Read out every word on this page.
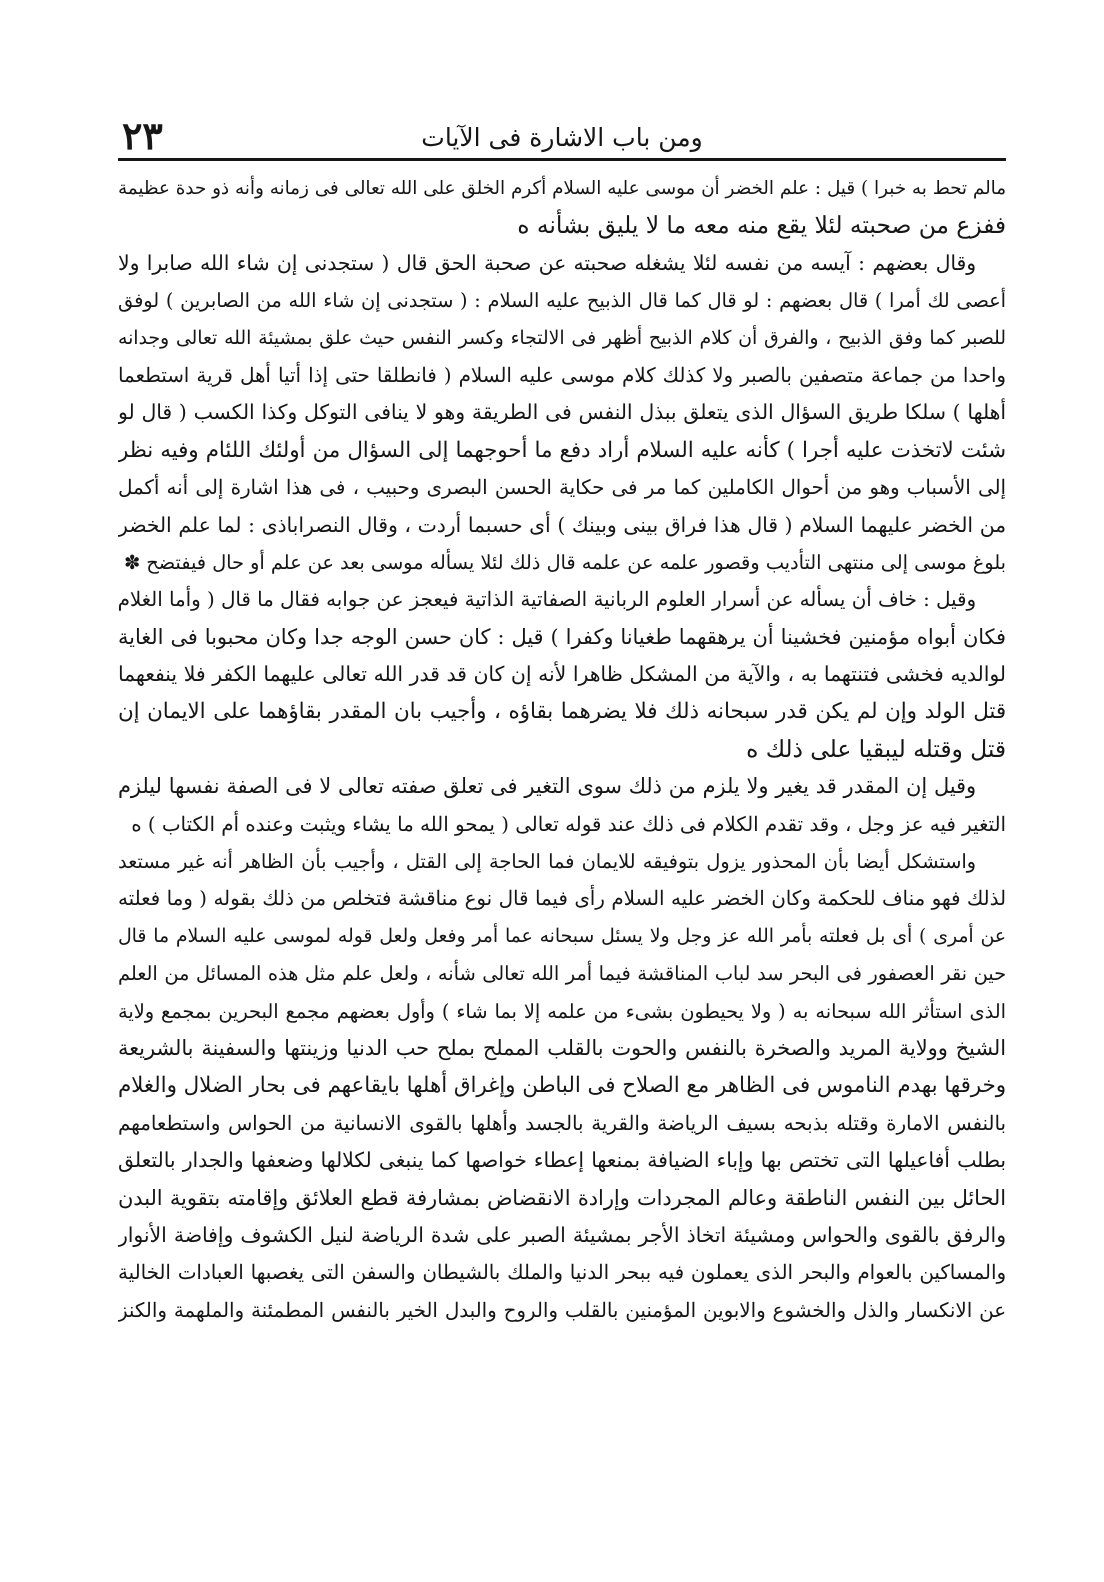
٢٣	ومن باب الاشارة فى الآيات
مالم تحط به خبرا ) قيل : علم الخضر أن موسى عليه السلام أكرم الخلق على الله تعالى فى زمانه وأنه ذو حدة عظيمة
ففزع من صحبته لئلا يقع منه معه ما لا يليق بشأنه ه
وقال بعضهم : آيسه من نفسه لئلا يشغله صحبته عن صحبة الحق قال ( ستجدنى إن شاء الله صابرا ولا
أعصى لك أمرا ) قال بعضهم : لو قال كما قال الذبيح عليه السلام : ( ستجدنى إن شاء الله من الصابرين ) لوفق
للصبر كما وفق الذبيح ، والفرق أن كلام الذبيح أظهر فى الالتجاء وكسر النفس حيث علق بمشيئة الله تعالى وجدانه
واحدا من جماعة متصفين بالصبر ولا كذلك كلام موسى عليه السلام ( فانطلقا حتى إذا أتيا أهل قرية استطعما
أهلها ) سلكا طريق السؤال الذى يتعلق ببذل النفس فى الطريقة وهو لا ينافى التوكل وكذا الكسب ( قال لو
شئت لاتخذت عليه أجرا ) كأنه عليه السلام أراد دفع ما أحوجهما إلى السؤال من أولئك اللئام وفيه نظر
إلى الأسباب وهو من أحوال الكاملين كما مر فى حكاية الحسن البصرى وحبيب ، فى هذا اشارة إلى أنه أكمل
من الخضر عليهما السلام ( قال هذا فراق بينى وبينك ) أى حسبما أردت ، وقال النصراباذى : لما علم الخضر
بلوغ موسى إلى منتهى التأديب وقصور علمه عن علمه قال ذلك لئلا يسأله موسى بعد عن علم أو حال فيفتضح ✽
وقيل : خاف أن يسأله عن أسرار العلوم الربانية الصفاتية الذاتية فيعجز عن جوابه فقال ما قال ( وأما الغلام
فكان أبواه مؤمنين فخشينا أن يرهقهما طغيانا وكفرا ) قيل : كان حسن الوجه جدا وكان محبوبا فى الغاية
لوالديه فخشى فتنتهما به ، والآية من المشكل ظاهرا لأنه إن كان قد قدر الله تعالى عليهما الكفر فلا ينفعهما
قتل الولد وإن لم يكن قدر سبحانه ذلك فلا يضرهما بقاؤه ، وأجيب بان المقدر بقاؤهما على الايمان إن
قتل وقتله ليبقيا على ذلك ه
وقيل إن المقدر قد يغير ولا يلزم من ذلك سوى التغير فى تعلق صفته تعالى لا فى الصفة نفسها ليلزم
التغير فيه عز وجل ، وقد تقدم الكلام فى ذلك عند قوله تعالى ( يمحو الله ما يشاء ويثبت وعنده أم الكتاب ) ه
واستشكل أيضا بأن المحذور يزول بتوفيقه للايمان فما الحاجة إلى القتل ، وأجيب بأن الظاهر أنه غير مستعد
لذلك فهو مناف للحكمة وكان الخضر عليه السلام رأى فيما قال نوع مناقشة فتخلص من ذلك بقوله ( وما فعلته
عن أمرى ) أى بل فعلته بأمر الله عز وجل ولا يسئل سبحانه عما أمر وفعل ولعل قوله لموسى عليه السلام ما قال
حين نقر العصفور فى البحر سد لباب المناقشة فيما أمر الله تعالى شأنه ، ولعل علم مثل هذه المسائل من العلم
الذى استأثر الله سبحانه به ( ولا يحيطون بشىء من علمه إلا بما شاء ) وأول بعضهم مجمع البحرين بمجمع ولاية
الشيخ وولاية المريد والصخرة بالنفس والحوت بالقلب المملح بملح حب الدنيا وزينتها والسفينة بالشريعة
وخرقها بهدم الناموس فى الظاهر مع الصلاح فى الباطن وإغراق أهلها بايقاعهم فى بحار الضلال والغلام
بالنفس الامارة وقتله بذبحه بسيف الرياضة والقرية بالجسد وأهلها بالقوى الانسانية من الحواس واستطعامهم
بطلب أفاعيلها التى تختص بها وإباء الضيافة بمنعها إعطاء خواصها كما ينبغى لكلالها وضعفها والجدار بالتعلق
الحائل بين النفس الناطقة وعالم المجردات وإرادة الانقضاض بمشارفة قطع العلائق وإقامته بتقوية البدن
والرفق بالقوى والحواس ومشيئة اتخاذ الأجر بمشيئة الصبر على شدة الرياضة لنيل الكشوف وإفاضة الأنوار
والمساكين بالعوام والبحر الذى يعملون فيه ببحر الدنيا والملك بالشيطان والسفن التى يغصبها العبادات الخالية
عن الانكسار والذل والخشوع والابوين المؤمنين بالقلب والروح والبدل الخير بالنفس المطمئنة والملهمة والكنز
